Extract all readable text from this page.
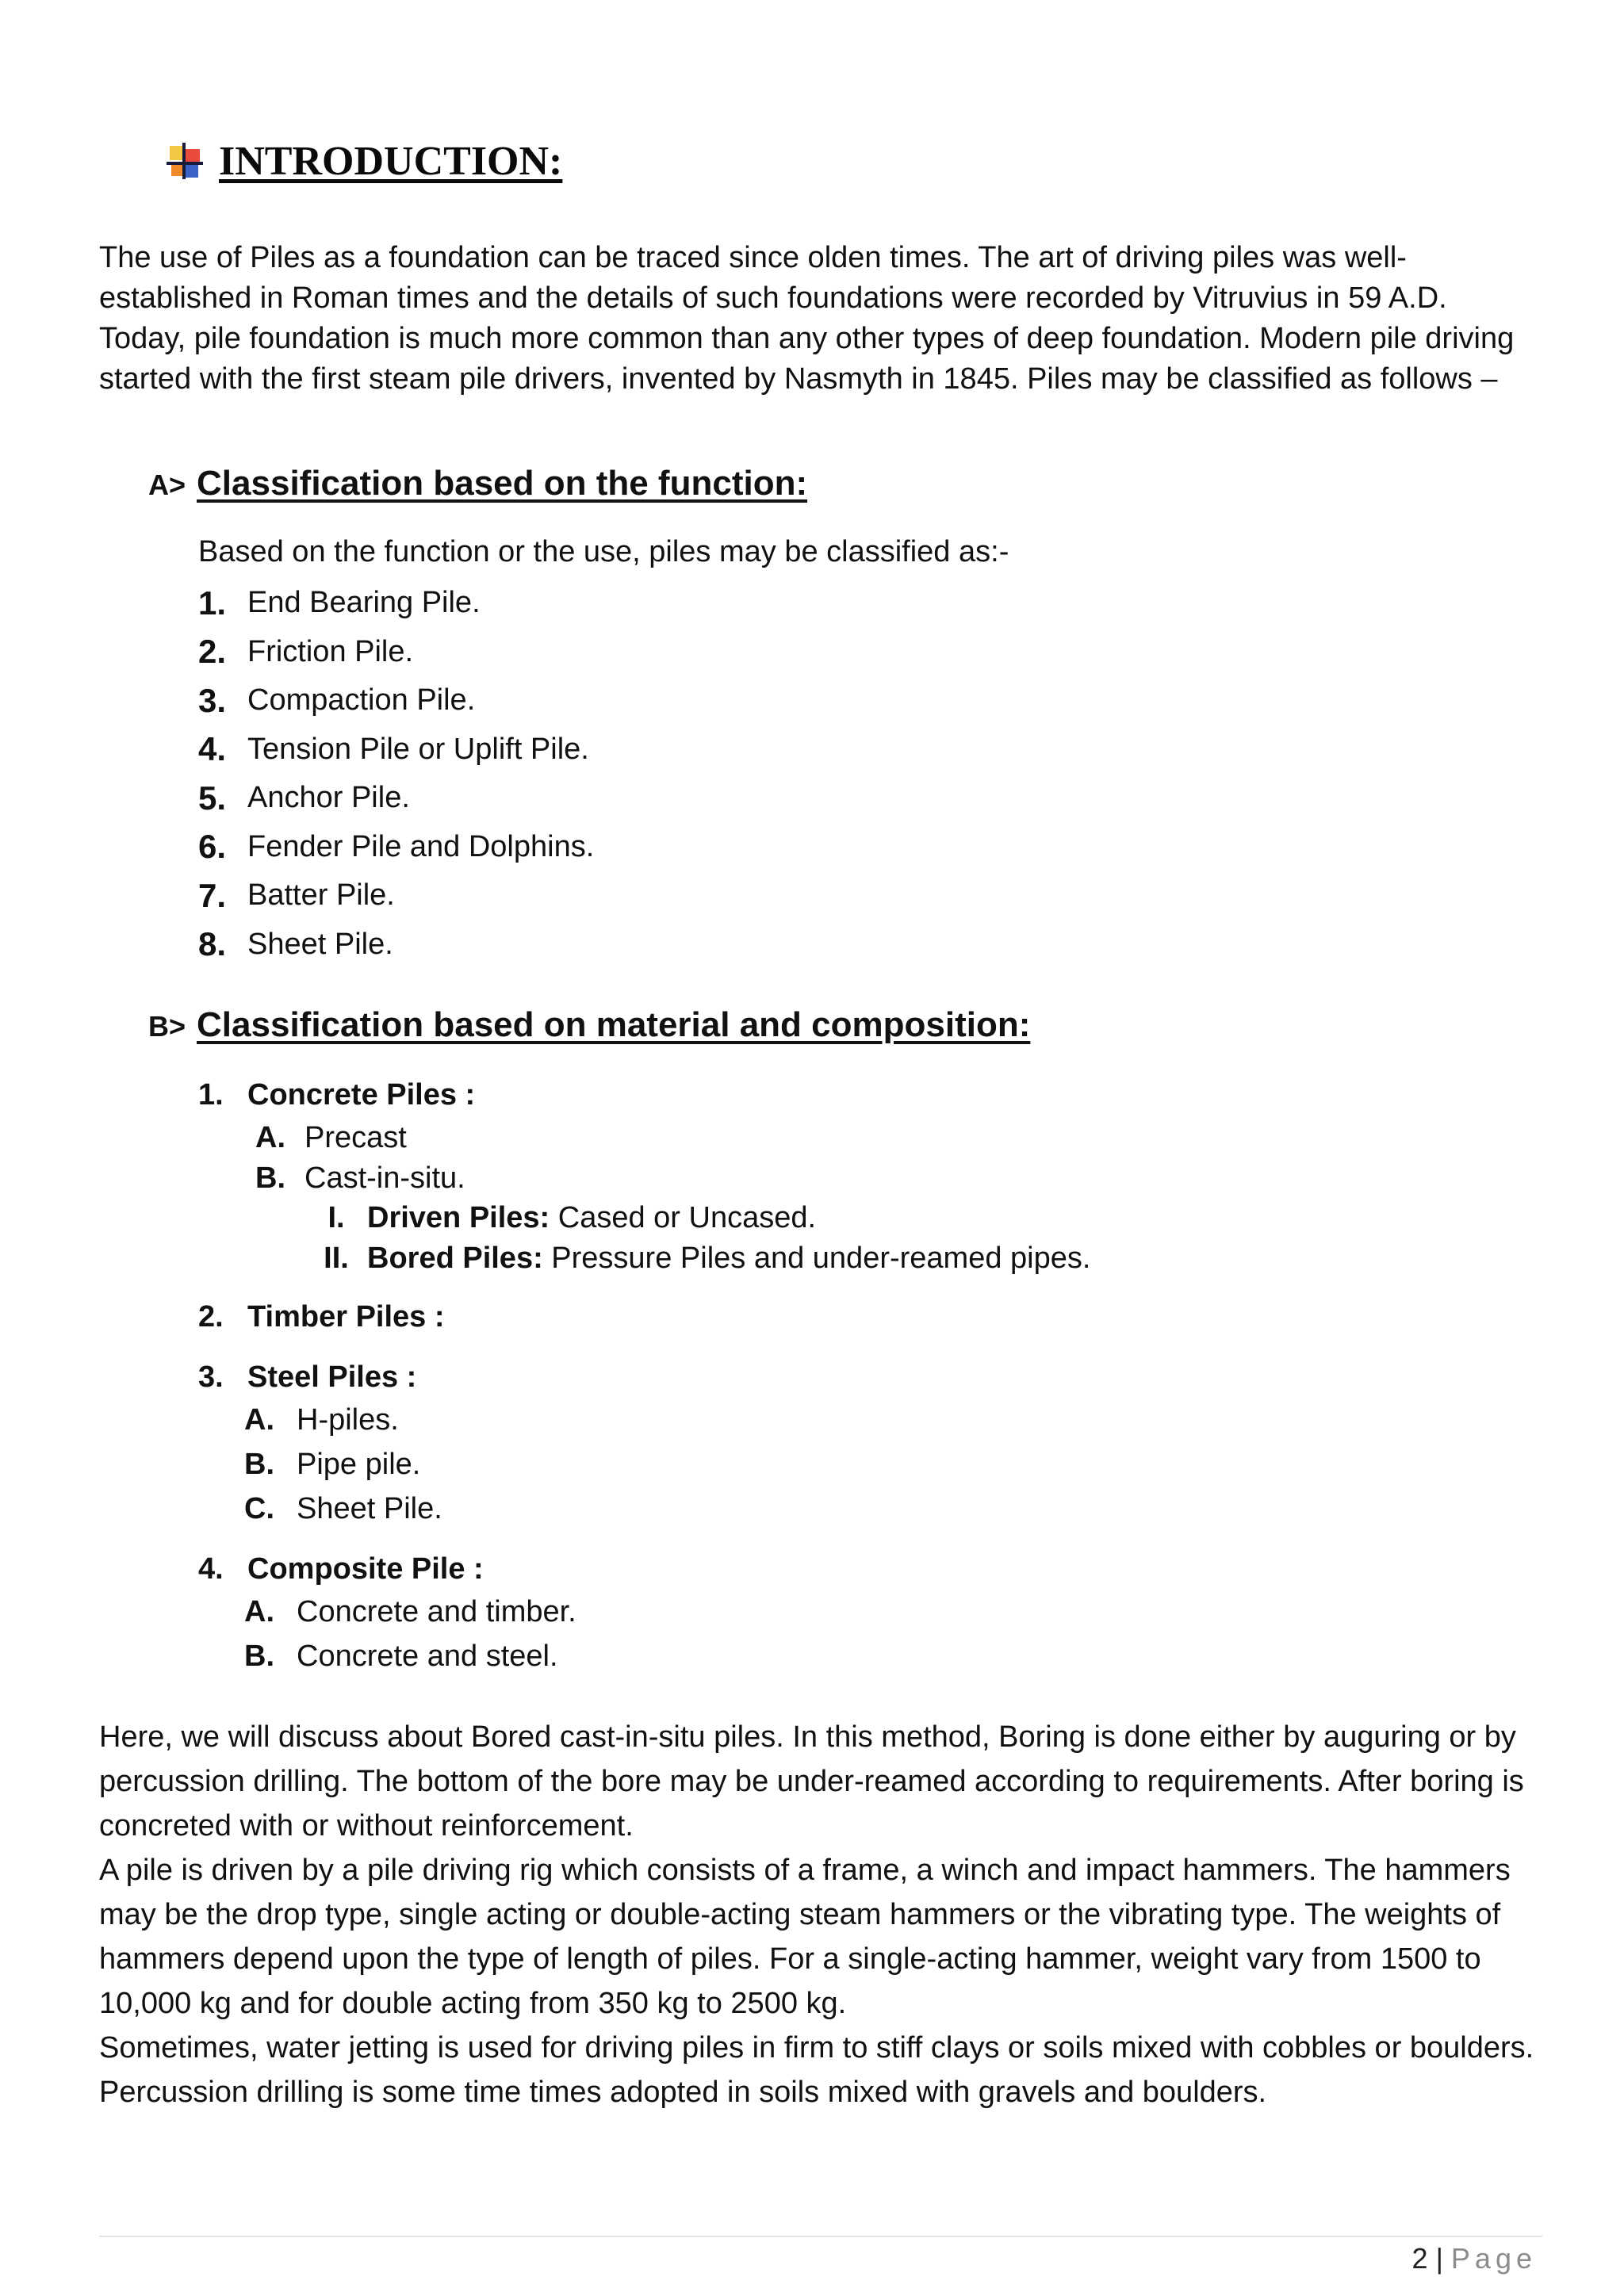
INTRODUCTION:
The use of Piles as a foundation can be traced since olden times. The art of driving piles was well-established in Roman times and the details of such foundations were recorded by Vitruvius in 59 A.D. Today, pile foundation is much more common than any other types of deep foundation. Modern pile driving started with the first steam pile drivers, invented by Nasmyth in 1845. Piles may be classified as follows –
A> Classification based on the function:
Based on the function or the use, piles may be classified as:-
1. End Bearing Pile.
2. Friction Pile.
3. Compaction Pile.
4. Tension Pile or Uplift Pile.
5. Anchor Pile.
6. Fender Pile and Dolphins.
7. Batter Pile.
8. Sheet Pile.
B> Classification based on material and composition:
1. Concrete Piles :
A. Precast
B. Cast-in-situ.
I. Driven Piles: Cased or Uncased.
II. Bored Piles: Pressure Piles and under-reamed pipes.
2. Timber Piles :
3. Steel Piles :
A. H-piles.
B. Pipe pile.
C. Sheet Pile.
4. Composite Pile :
A. Concrete and timber.
B. Concrete and steel.

Here, we will discuss about Bored cast-in-situ piles. In this method, Boring is done either by auguring or by percussion drilling. The bottom of the bore may be under-reamed according to requirements. After boring is concreted with or without reinforcement.

A pile is driven by a pile driving rig which consists of a frame, a winch and impact hammers. The hammers may be the drop type, single acting or double-acting steam hammers or the vibrating type. The weights of hammers depend upon the type of length of piles. For a single-acting hammer, weight vary from 1500 to 10,000 kg and for double acting from 350 kg to 2500 kg.

Sometimes, water jetting is used for driving piles in firm to stiff clays or soils mixed with cobbles or boulders. Percussion drilling is some time times adopted in soils mixed with gravels and boulders.

2 | Page
